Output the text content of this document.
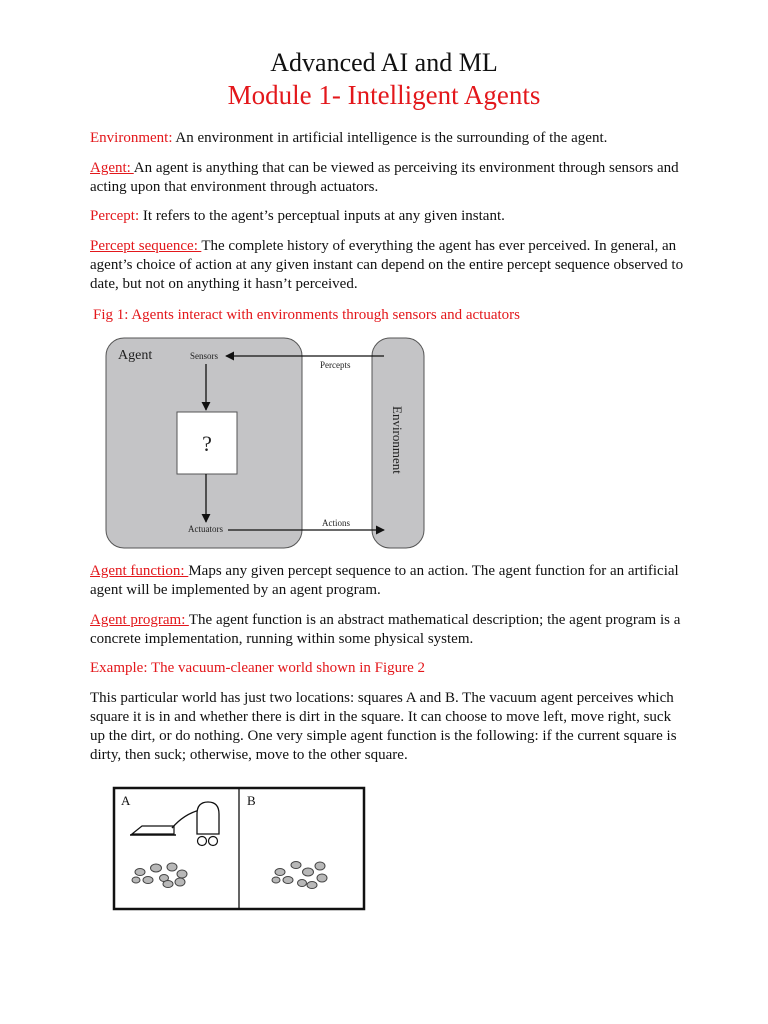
Advanced AI and ML
Module 1- Intelligent Agents
Environment: An environment in artificial intelligence is the surrounding of the agent.
Agent: An agent is anything that can be viewed as perceiving its environment through sensors and acting upon that environment through actuators.
Percept: It refers to the agent’s perceptual inputs at any given instant.
Percept sequence: The complete history of everything the agent has ever perceived. In general, an agent’s choice of action at any given instant can depend on the entire percept sequence observed to date, but not on anything it hasn’t perceived.
Fig 1: Agents interact with environments through sensors and actuators
Agent	Sensors
Actuators
Percepts
Actions
Environment
?
Agent function: Maps any given percept sequence to an action. The agent function for an artificial agent will be implemented by an agent program.
Agent program: The agent function is an abstract mathematical description; the agent program is a concrete implementation, running within some physical system.
Example: The vacuum-cleaner world shown in Figure 2
This particular world has just two locations: squares A and B. The vacuum agent perceives which square it is in and whether there is dirt in the square. It can choose to move left, move right, suck up the dirt, or do nothing. One very simple agent function is the following: if the current square is dirty, then suck; otherwise, move to the other square.
A	B
